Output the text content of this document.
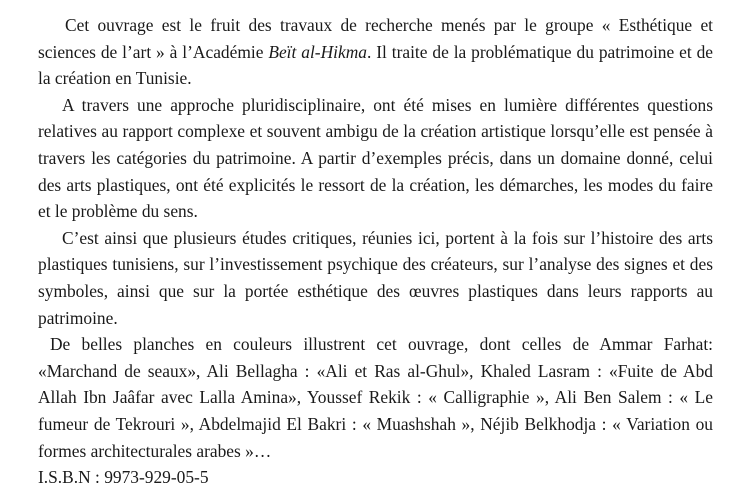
Cet ouvrage est le fruit des travaux de recherche menés par le groupe « Esthétique et sciences de l’art » à l’Académie Beït al-Hikma. Il traite de la problématique du patrimoine et de la création en Tunisie.

A travers une approche pluridisciplinaire, ont été mises en lumière différentes questions relatives au rapport complexe et souvent ambigu de la création artistique lorsqu’elle est pensée à travers les catégories du patrimoine. A partir d’exemples précis, dans un domaine donné, celui des arts plastiques, ont été explicités le ressort de la création, les démarches, les modes du faire et le problème du sens.

C’est ainsi que plusieurs études critiques, réunies ici, portent à la fois sur l’histoire des arts plastiques tunisiens, sur l’investissement psychique des créateurs, sur l’analyse des signes et des symboles, ainsi que sur la portée esthétique des œuvres plastiques dans leurs rapports au patrimoine.

De belles planches en couleurs illustrent cet ouvrage, dont celles de Ammar Farhat: «Marchand de seaux», Ali Bellagha : «Ali et Ras al-Ghul», Khaled Lasram : «Fuite de Abd Allah Ibn Jaâfar avec Lalla Amina», Youssef Rekik : « Calligraphie », Ali Ben Salem : « Le fumeur de Tekrouri », Abdelmajid El Bakri : « Muashshah », Néjib Belkhodja : « Variation ou formes architecturales arabes »…

I.S.B.N : 9973-929-05-5
